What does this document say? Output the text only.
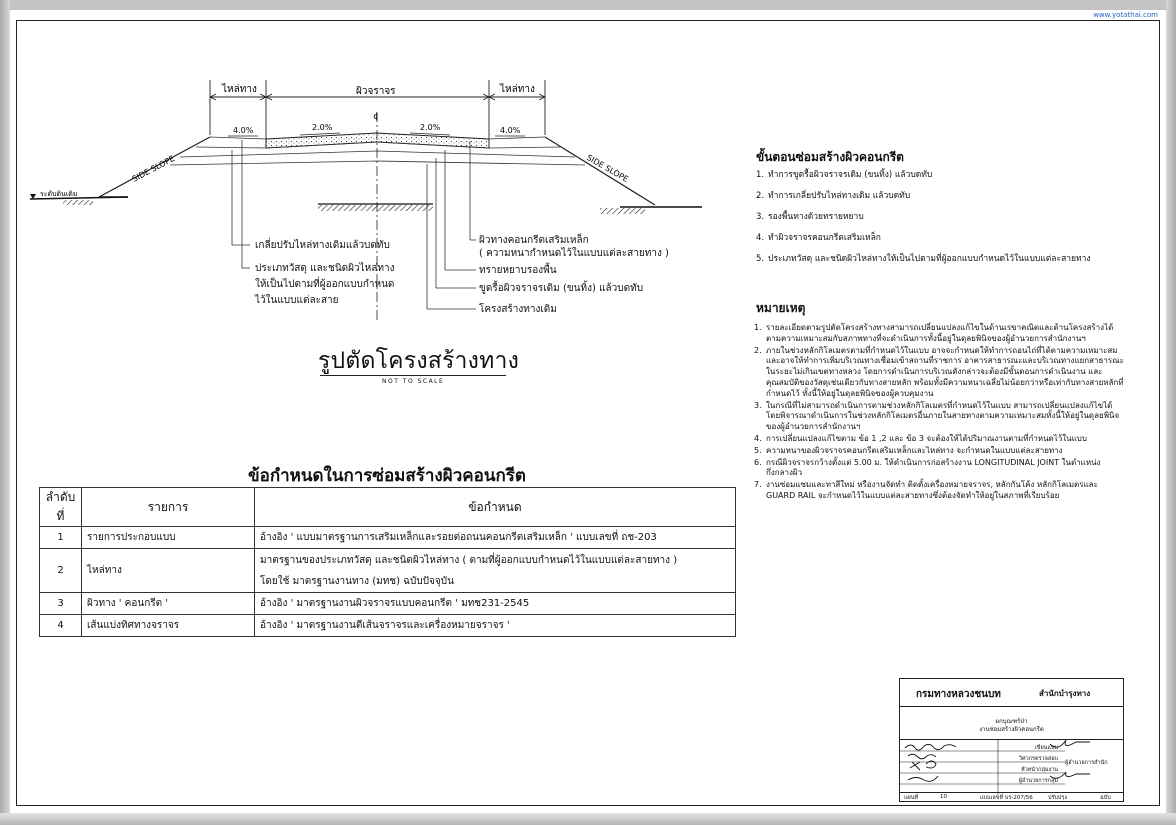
www.yotathai.com
ไหล่ทาง	ผิวจราจร	ไหล่ทาง
¢
SIDE SLOPE	SIDE SLOPE
4.0%	2.0%	2.0%	4.0%
ระดับดินเดิม
เกลี่ยปรับไหล่ทางเดิมแล้วบดทับ
ประเภทวัสดุ และชนิดผิวไหล่ทาง
ให้เป็นไปตามที่ผู้ออกแบบกำหนด
ไว้ในแบบแต่ละสาย
ผิวทางคอนกรีตเสริมเหล็ก
( ความหนากำหนดไว้ในแบบแต่ละสายทาง )
ทรายหยาบรองพื้น
ขูดรื้อผิวจราจรเดิม (ขนทิ้ง) แล้วบดทับ
โครงสร้างทางเดิม
รูปตัดโครงสร้างทาง
NOT TO SCALE
ขั้นตอนซ่อมสร้างผิวคอนกรีต
1. ทำการขูดรื้อผิวจราจรเดิม (ขนทิ้ง) แล้วบดทับ
2. ทำการเกลี่ยปรับไหล่ทางเดิม แล้วบดทับ
3. รองพื้นทางด้วยทรายหยาบ
4. ทำผิวจราจรคอนกรีตเสริมเหล็ก
5. ประเภทวัสดุ และชนิดผิวไหล่ทางให้เป็นไปตามที่ผู้ออกแบบกำหนดไว้ในแบบแต่ละสายทาง
หมายเหตุ
1. รายละเอียดตามรูปตัดโครงสร้างทางสามารถเปลี่ยนแปลงแก้ไขในด้านเรขาคณิตและด้านโครงสร้างได้ตามความเหมาะสมกับสภาพทางที่จะดำเนินการทั้งนี้อยู่ในดุลยพินิจของผู้อำนวยการสำนักงานฯ
2. ภายในช่วงหลักกิโลเมตรตามที่กำหนดไว้ในแบบ อาจจะกำหนดให้ทำการถอนไถ่ที่ได้ตามความเหมาะสม และอาจให้ทำการเพิ่มบริเวณทางเชื่อมเข้าสถานที่ราชการ อาคารสาธารณะและบริเวณทางแยกสาธารณะ ในระยะไม่เกินเขตทางหลวง โดยการดำเนินการบริเวณดังกล่าวจะต้องมีขั้นตอนการดำเนินงาน และคุณสมบัติของวัสดุเช่นเดียวกับทางสายหลัก พร้อมทั้งมีความหนาเฉลี่ยไม่น้อยกว่าหรือเท่ากับทางสายหลักที่กำหนดไว้ ทั้งนี้ให้อยู่ในดุลยพินิจของผู้ควบคุมงาน
3. ในกรณีที่ไม่สามารถดำเนินการตามช่วงหลักกิโลเมตรที่กำหนดไว้ในแบบ สามารถเปลี่ยนแปลงแก้ไขได้ โดยพิจารณาดำเนินการในช่วงหลักกิโลเมตรอื่นภายในสายทางตามความเหมาะสมทั้งนี้ให้อยู่ในดุลยพินิจของผู้อำนวยการสำนักงานฯ
4. การเปลี่ยนแปลงแก้ไขตาม ข้อ 1 ,2 และ ข้อ 3 จะต้องให้ได้ปริมาณงานตามที่กำหนดไว้ในแบบ
5. ความหนาของผิวจราจรคอนกรีตเสริมเหล็กและไหล่ทาง จะกำหนดในแบบแต่ละสายทาง
6. กรณีผิวจราจรกว้างตั้งแต่ 5.00 ม. ให้ดำเนินการก่อสร้างงาน LONGITUDINAL JOINT ในตำแหน่งกึ่งกลางผิว
7. งานซ่อมแซมและทาสีใหม่ หรืองานจัดทำ ติดตั้งเครื่องหมายจราจร, หลักกันโค้ง หลักกิโลเมตรและ GUARD RAIL จะกำหนดไว้ในแบบแต่ละสายทางซึ่งต้องจัดทำให้อยู่ในสภาพที่เรียบร้อย
ข้อกำหนดในการซ่อมสร้างผิวคอนกรีต
ลำดับที่	รายการ	ข้อกำหนด
1	รายการประกอบแบบ	อ้างอิง ' แบบมาตรฐานการเสริมเหล็กและรอยต่อถนนคอนกรีตเสริมเหล็ก ' แบบเลขที่ ถช-203
2	ไหล่ทาง	มาตรฐานของประเภทวัสดุ และชนิดผิวไหล่ทาง ( ตามที่ผู้ออกแบบกำหนดไว้ในแบบแต่ละสายทาง )
โดยใช้ มาตรฐานงานทาง (มทช) ฉบับปัจจุบัน

3	ผิวทาง ' คอนกรีต '	อ้างอิง ' มาตรฐานงานผิวจราจรแบบคอนกรีต ' มทช231-2545
4	เส้นแบ่งทิศทางจราจร	อ้างอิง ' มาตรฐานงานตีเส้นจราจรและเครื่องหมายจราจร '
กรมทางหลวงชนบท	สำนักบำรุงทาง
ผกบุณฑร์ป่า
งานซ่อมสร้างผิวคอนกรีต
เขียนแบบ
วิศวกรตรวจสอบ
หัวหน้ากลุ่มงาน
ผู้อำนวยการกลุ่ม
ผู้อำนวยการสำนัก
แผ่นที่	10	แบบเลขที่ บร-207/56	ปรับปรุง	ฉบับ
